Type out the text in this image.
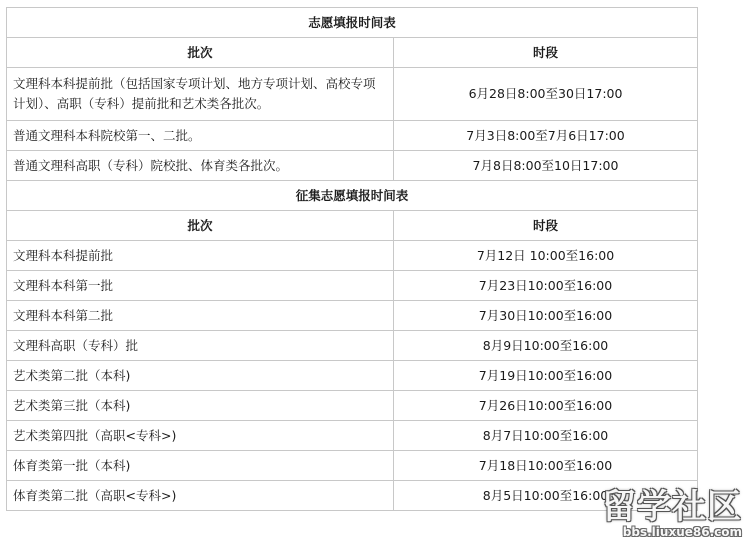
志愿填报时间表	
批次	时段
文理科本科提前批（包括国家专项计划、地方专项计划、高校专项计划）、高职（专科）提前批和艺术类各批次。	6月28日8:00至30日17:00
普通文理科本科院校第一、二批。	7月3日8:00至7月6日17:00
普通文理科高职（专科）院校批、体育类各批次。	7月8日8:00至10日17:00
征集志愿填报时间表	
批次	时段
文理科本科提前批	7月12日 10:00至16:00
文理科本科第一批	7月23日10:00至16:00
文理科本科第二批	7月30日10:00至16:00
文理科高职（专科）批	8月9日10:00至16:00
艺术类第二批（本科)	7月19日10:00至16:00
艺术类第三批（本科)	7月26日10:00至16:00
艺术类第四批（高职<专科>)	8月7日10:00至16:00
体育类第一批（本科)	7月18日10:00至16:00
体育类第二批（高职<专科>)	8月5日10:00至16:00
留学社区
bbs.liuxue86.com
